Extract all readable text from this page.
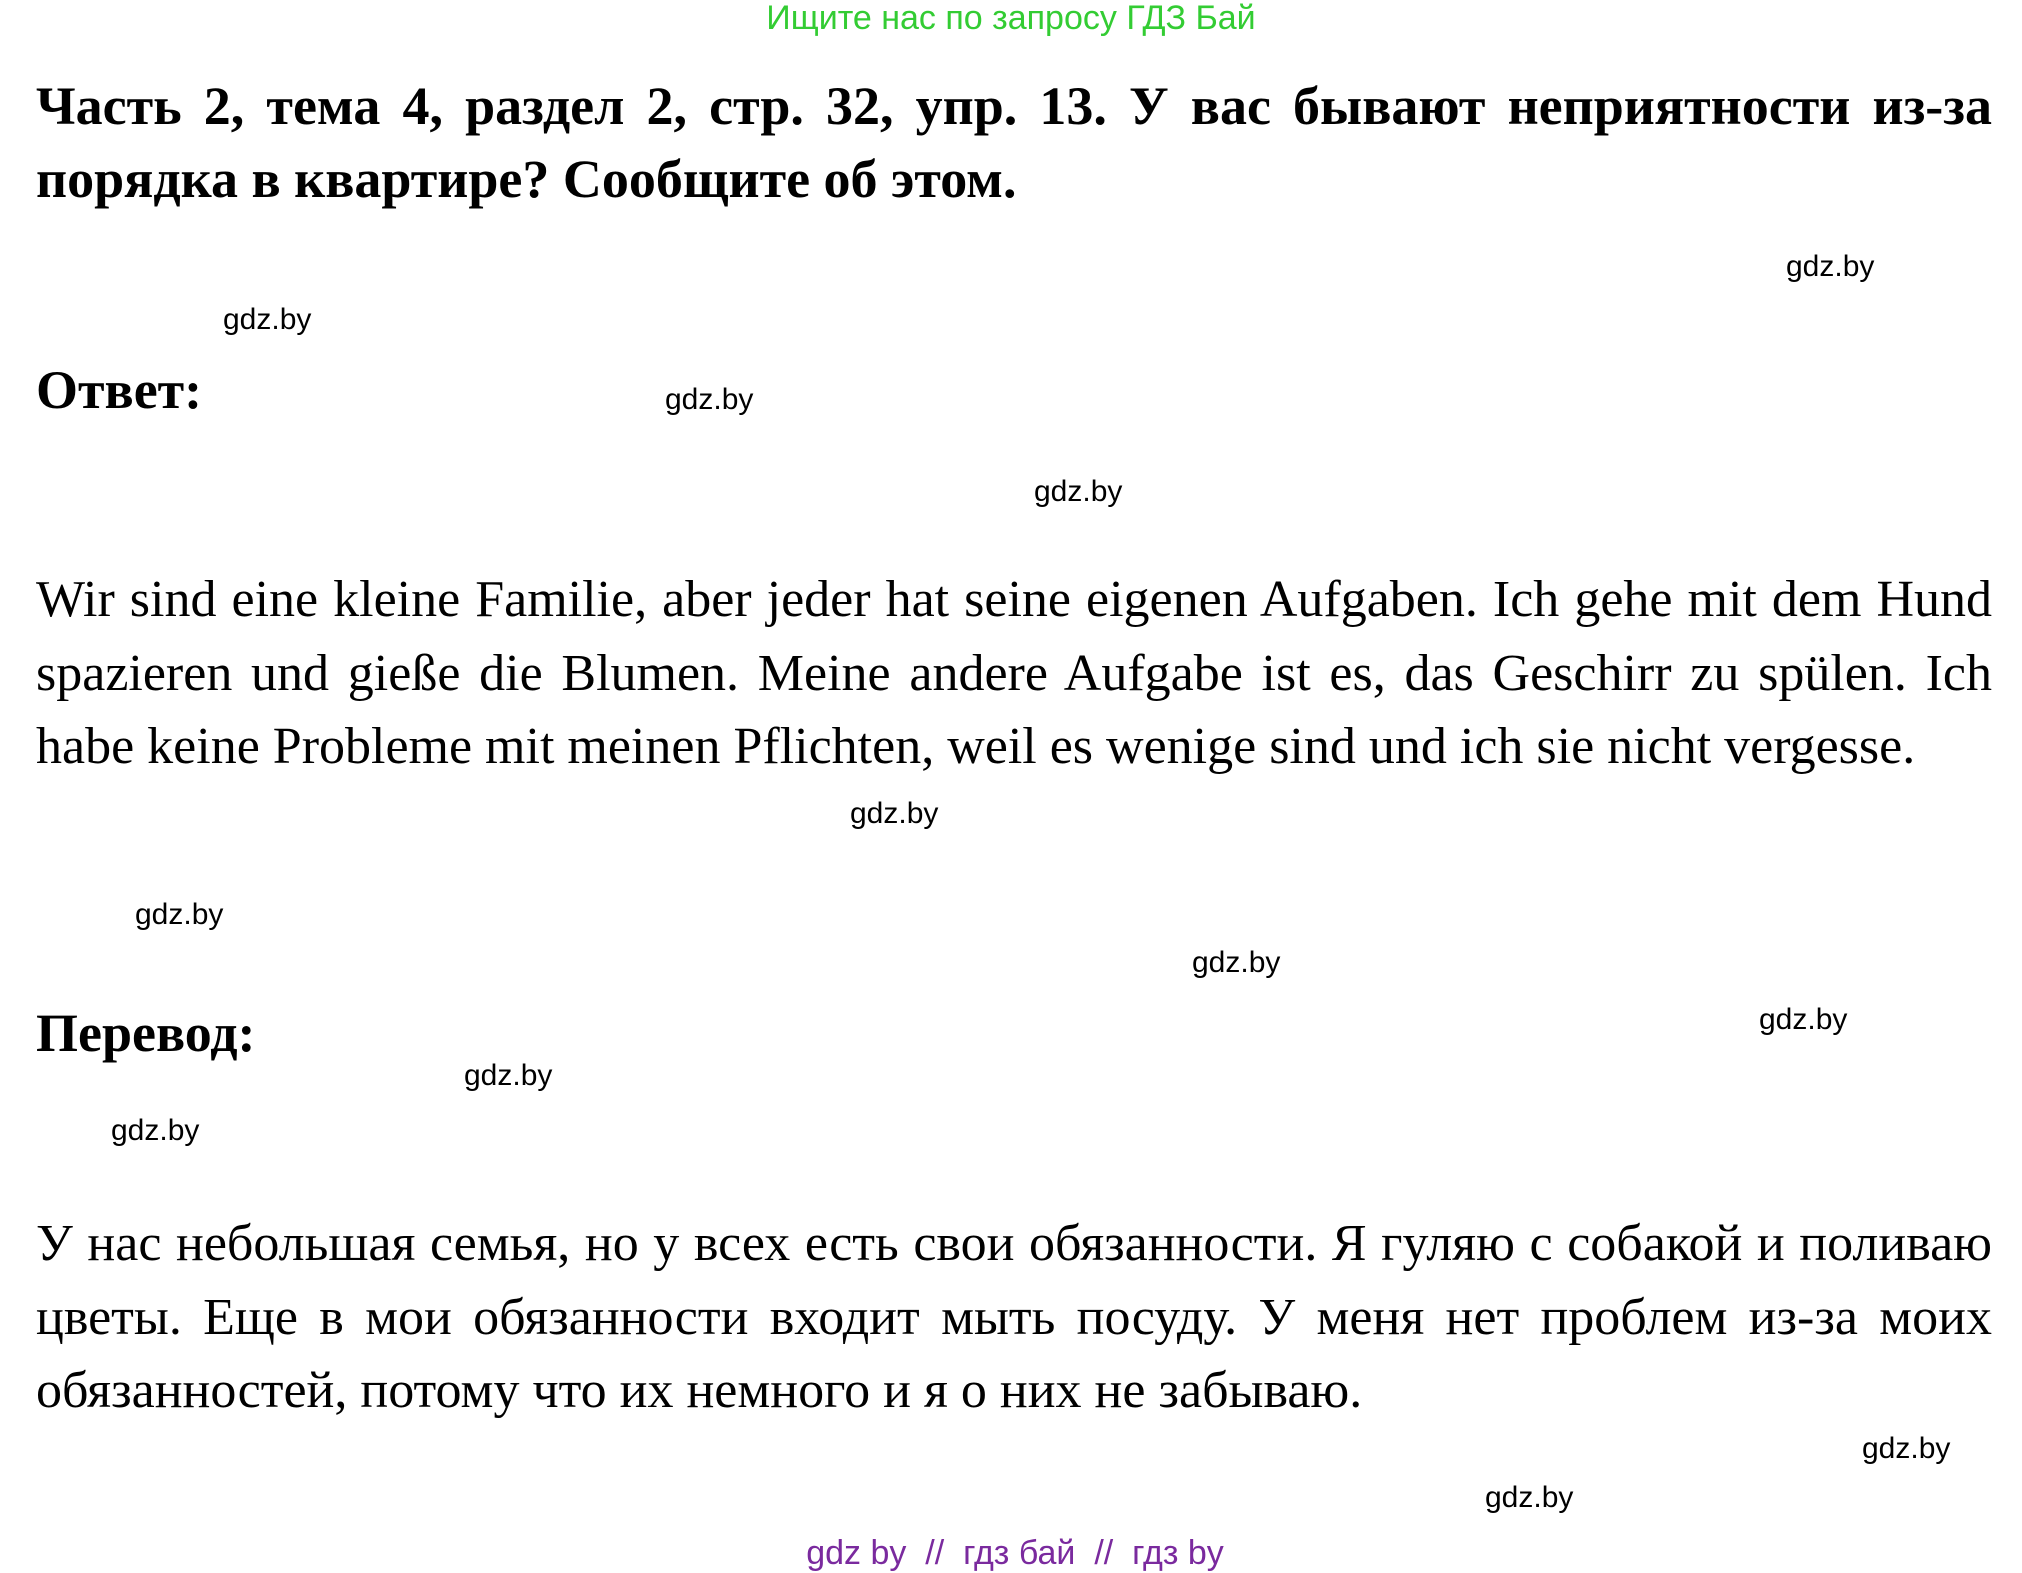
Ищите нас по запросу ГДЗ Бай
Часть 2, тема 4, раздел 2, стр. 32, упр. 13. У вас бывают неприятности из-за порядка в квартире? Сообщите об этом.
Ответ:
Wir sind eine kleine Familie, aber jeder hat seine eigenen Aufgaben. Ich gehe mit dem Hund spazieren und gieße die Blumen. Meine andere Aufgabe ist es, das Geschirr zu spülen. Ich habe keine Probleme mit meinen Pflichten, weil es wenige sind und ich sie nicht vergesse.
Перевод:
У нас небольшая семья, но у всех есть свои обязанности. Я гуляю с собакой и поливаю цветы. Еще в мои обязанности входит мыть посуду. У меня нет проблем из-за моих обязанностей, потому что их немного и я о них не забываю.
gdz.by
gdz.by
gdz.by
gdz.by
gdz.by
gdz.by
gdz.by
gdz.by
gdz.by
gdz.by
gdz.by
gdz.by
gdz by  //  гдз бай  //  гдз by
